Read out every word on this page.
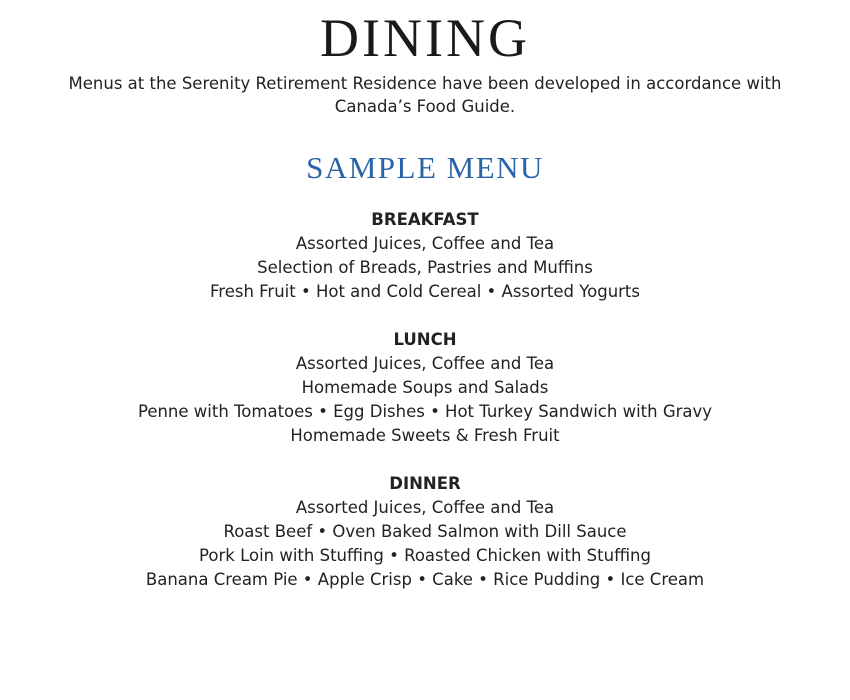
DINING

Menus at the Serenity Retirement Residence have been developed in accordance with Canada’s Food Guide.

SAMPLE MENU
BREAKFAST
Assorted Juices, Coffee and Tea
Selection of Breads, Pastries and Muffins
Fresh Fruit • Hot and Cold Cereal • Assorted Yogurts
LUNCH
Assorted Juices, Coffee and Tea
Homemade Soups and Salads
Penne with Tomatoes • Egg Dishes • Hot Turkey Sandwich with Gravy
Homemade Sweets & Fresh Fruit
DINNER
Assorted Juices, Coffee and Tea
Roast Beef • Oven Baked Salmon with Dill Sauce
Pork Loin with Stuffing • Roasted Chicken with Stuffing
Banana Cream Pie • Apple Crisp • Cake • Rice Pudding • Ice Cream
